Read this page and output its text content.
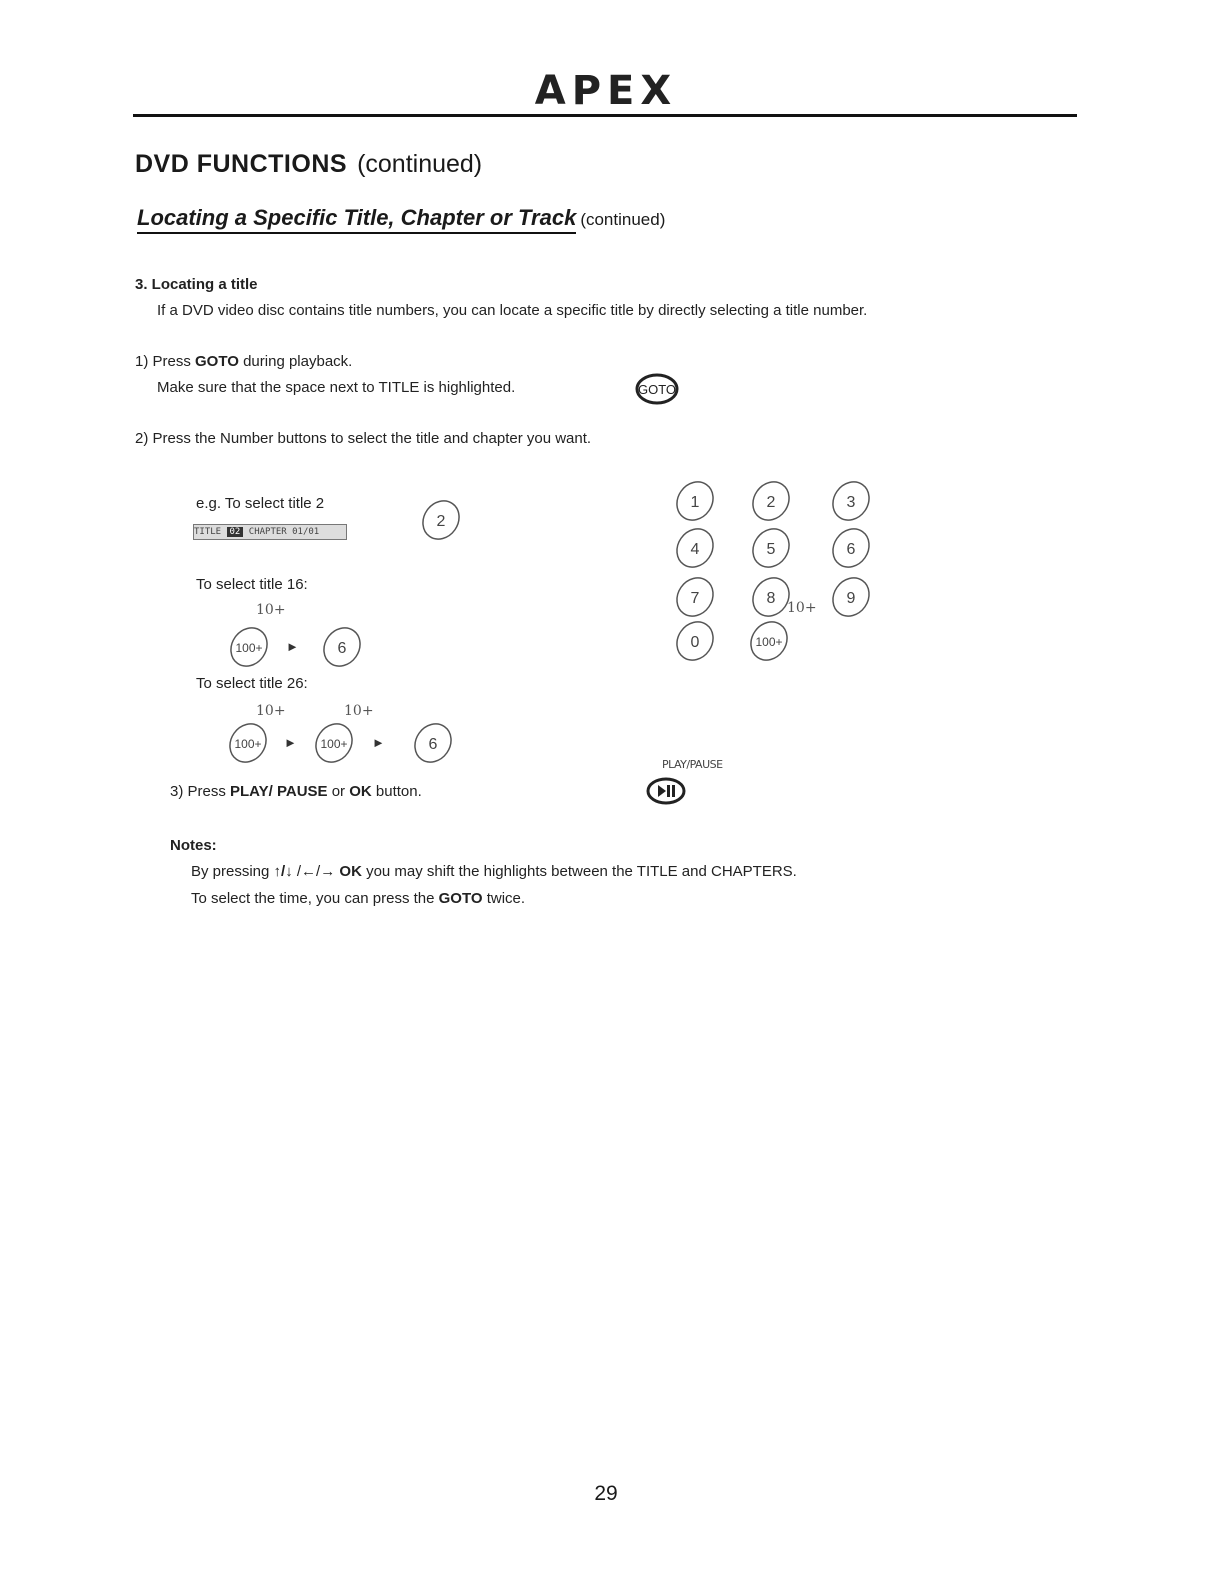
APEX
DVD FUNCTIONS (continued)
Locating a Specific Title, Chapter or Track (continued)
3. Locating a title
If a DVD video disc contains title numbers, you can locate a specific title by directly selecting a title number.
1) Press GOTO during playback.
Make sure that the space next to TITLE is highlighted.	GOTO
2) Press the Number buttons to select the title and chapter you want.
e.g. To select title 2
TITLE 02 CHAPTER 01/01
2
To select title 16:
10+
100+ ► 6
To select title 26:
10+	10+
100+ ► 100+ ►	6
1	2	3
4	5	6
7	8
10+
9
0	100+
PLAY/PAUSE
3) Press PLAY/ PAUSE or OK button.
Notes:
By pressing ↑/↓ /←/→ OK you may shift the highlights between the TITLE and CHAPTERS.
To select the time, you can press the GOTO twice.
29
